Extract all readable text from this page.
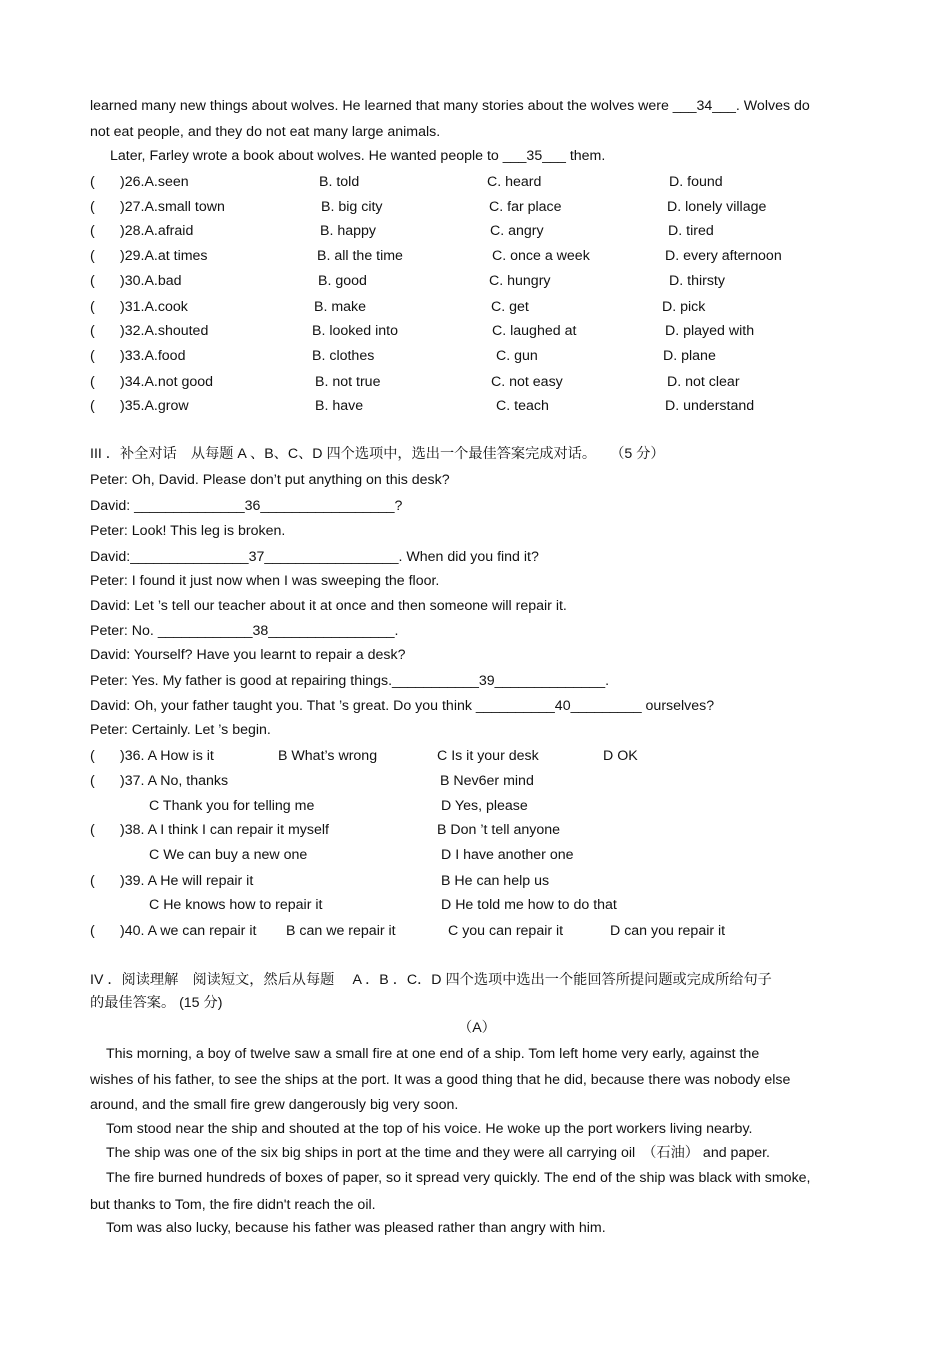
learned many new things about wolves. He learned that many stories about the wolves were ___34___. Wolves do
not eat people, and they do not eat many large animals.
Later, Farley wrote a book about wolves. He wanted people to ___35___ them.
( )26.A.seen	B. told	C. heard	D. found
( )27.A.small town	B. big city	C. far place	D. lonely village
( )28.A.afraid	B. happy	C. angry	D. tired
( )29.A.at times	B. all the time	C. once a week	D. every afternoon
( )30.A.bad	B. good	C. hungry	D. thirsty
( )31.A.cook	B. make	C. get	D. pick
( )32.A.shouted	B. looked into	C. laughed at	D. played with
( )33.A.food	B. clothes	C. gun	D. plane
( )34.A.not good	B. not true	C. not easy	D. not clear
( )35.A.grow	B. have	C. teach	D. understand
III ．补全对话　从每题 A 、B、C、D 四个选项中，选出一个最佳答案完成对话。　　（5 分）
Peter: Oh, David. Please don’t put anything on this desk?
David: ______________36_________________?
Peter: Look! This leg is broken.
David:_______________37_________________. When did you find it?
Peter: I found it just now when I was sweeping the floor.
David: Let ’s tell our teacher about it at once and then someone will repair it.
Peter: No. ____________38________________.
David: Yourself? Have you learnt to repair a desk?
Peter: Yes. My father is good at repairing things.___________39______________.
David: Oh, your father taught you. That ’s great. Do you think __________40_________ ourselves?
Peter: Certainly. Let ’s begin.
( )36. A How is it	B What’s wrong	C Is it your desk	D OK
( )37. A No, thanks	B Nev6er mind
C Thank you for telling me	D Yes, please
( )38. A I think I can repair it myself	B Don ’t tell anyone
C We can buy a new one	D I have another one
( )39. A He will repair it	B He can help us
C He knows how to repair it	D He told me how to do that
( )40. A we can repair it B can we repair it	C you can repair it	D can you repair it
IV ．阅读理解　阅读短文，然后从每题　 A ．B ．C．D 四个选项中选出一个能回答所提问题或完成所给句子
的最佳答案。 (15 分)
（A）
This morning, a boy of twelve saw a small fire at one end of a ship. Tom left home very early, against the
wishes of his father, to see the ships at the port. It was a good thing that he did, because there was nobody else
around, and the small fire grew dangerously big very soon.
Tom stood near the ship and shouted at the top of his voice. He woke up the port workers living nearby.
The ship was one of the six big ships in port at the time and they were all carrying oil　（石油） and paper.
The fire burned hundreds of boxes of paper, so it spread very quickly. The end of the ship was black with smoke,
but thanks to Tom, the fire didn't reach the oil.
Tom was also lucky, because his father was pleased rather than angry with him.
